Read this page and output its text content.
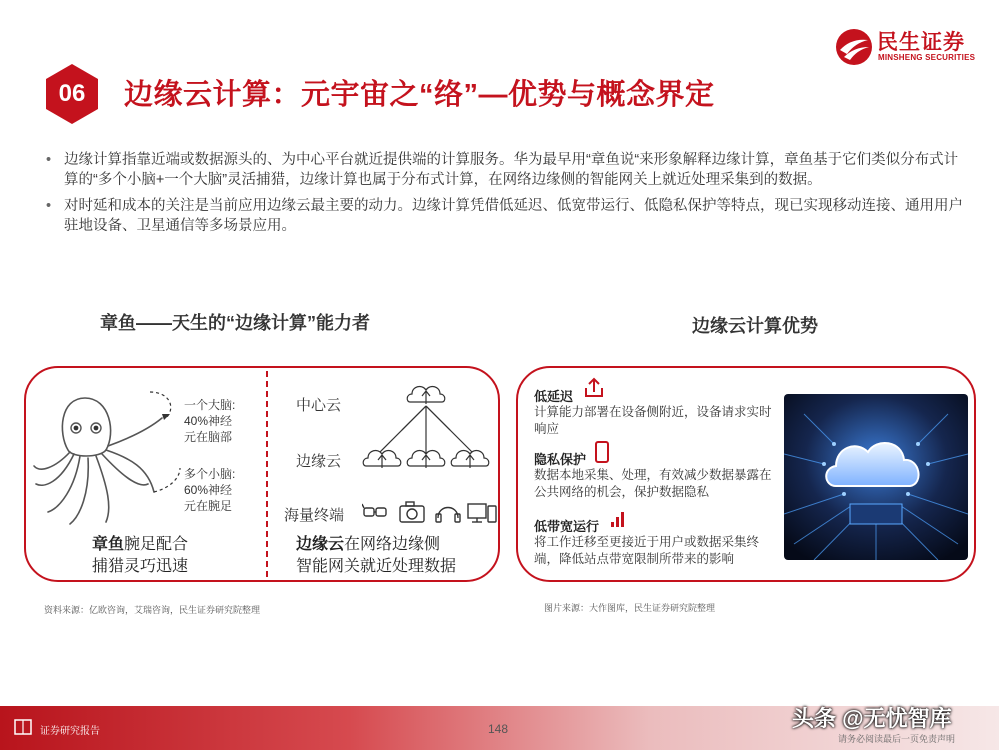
06	边缘云计算：元宇宙之“络”—优势与概念界定
民生证券
MINSHENG SECURITIES
• 边缘计算指靠近端或数据源头的、为中心平台就近提供端的计算服务。华为最早用“章鱼说“来形象解释边缘计算，章鱼基于它们类似分布式计算的“多个小脑+一个大脑”灵活捕猎，边缘计算也属于分布式计算，在网络边缘侧的智能网关上就近处理采集到的数据。
• 对时延和成本的关注是当前应用边缘云最主要的动力。边缘计算凭借低延迟、低宽带运行、低隐私保护等特点，现已实现移动连接、通用用户驻地设备、卫星通信等多场景应用。
章鱼——天生的“边缘计算”能力者	边缘云计算优势
一个大脑:
40%神经
元在脑部
多个小脑:
60%神经
元在腕足
章鱼腕足配合
捕猎灵巧迅速
中心云
边缘云
海量终端
边缘云在网络边缘侧
智能网关就近处理数据
低延迟
计算能力部署在设备侧附近，设备请求实时响应
隐私保护
数据本地采集、处理，有效减少数据暴露在公共网络的机会，保护数据隐私
低带宽运行
将工作迁移至更接近于用户或数据采集终端，降低站点带宽限制所带来的影响
资料来源：亿欧咨询，艾瑞咨询，民生证券研究院整理	图片来源：大作图库，民生证券研究院整理
证券研究报告	148
请务必阅读最后一页免责声明
头条 @无忧智库
